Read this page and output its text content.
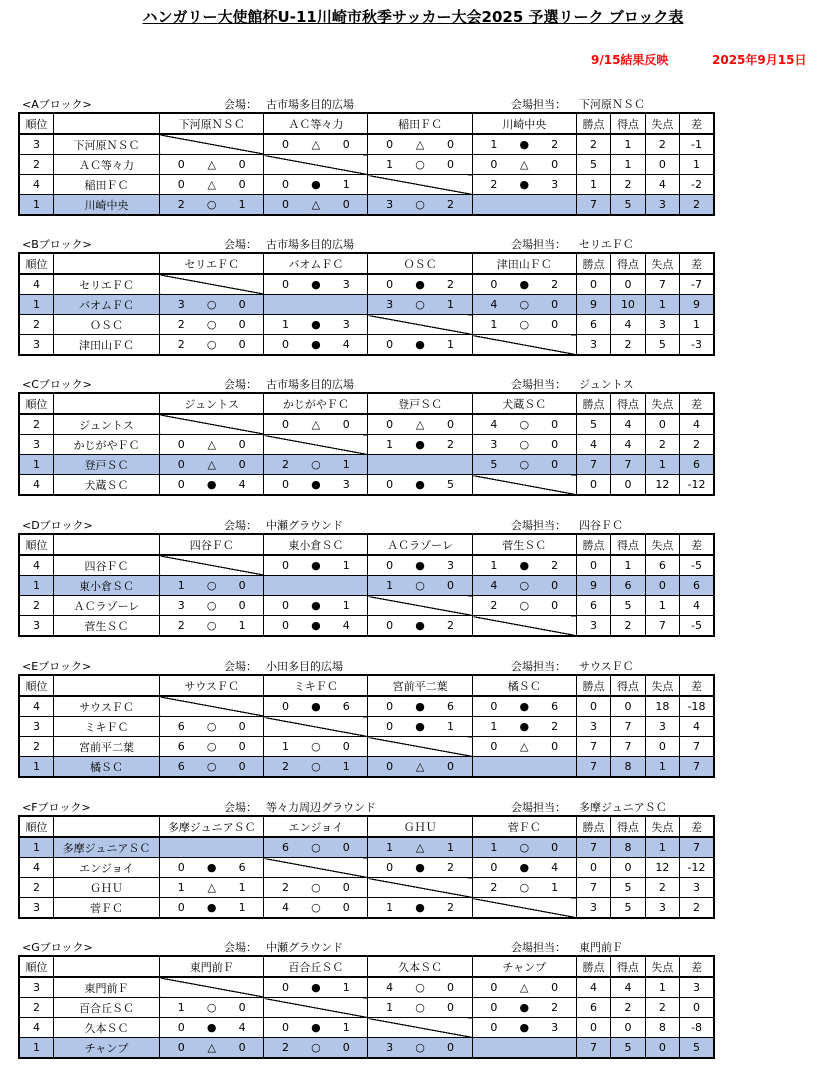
ハンガリー大使館杯U-11川崎市秋季サッカー大会2025 予選リーク ブロック表
9/15結果反映	2025年9月15日
<Aブロック>	会場： 古市場多目的広場	会場担当： 下河原ＮＳＣ
順位		下河原ＮＳＣ	ＡＣ等々力	稲田ＦＣ	川崎中央	勝点	得点	失点	差
3	下河原ＮＳＣ		0 △ 0	0 △ 0	1 ● 2	2	1	2	-1
2	ＡＣ等々力	0 △ 0		1 ○ 0	0 △ 0	5	1	0	1
4	稲田ＦＣ	0 △ 0	0 ● 1		2 ● 3	1	2	4	-2
1	川崎中央	2 ○ 1	0 △ 0	3 ○ 2		7	5	3	2
<Bブロック>	会場： 古市場多目的広場	会場担当： セリエＦＣ
順位		セリエＦＣ	バオムＦＣ	ＯＳＣ	津田山ＦＣ	勝点	得点	失点	差
4	セリエＦＣ		0 ● 3	0 ● 2	0 ● 2	0	0	7	-7
1	バオムＦＣ	3 ○ 0		3 ○ 1	4 ○ 0	9	10	1	9
2	ＯＳＣ	2 ○ 0	1 ● 3		1 ○ 0	6	4	3	1
3	津田山ＦＣ	2 ○ 0	0 ● 4	0 ● 1		3	2	5	-3
<Cブロック>	会場： 古市場多目的広場	会場担当： ジュントス
順位		ジュントス	かじがやＦＣ	登戸ＳＣ	犬蔵ＳＣ	勝点	得点	失点	差
2	ジュントス		0 △ 0	0 △ 0	4 ○ 0	5	4	0	4
3	かじがやＦＣ	0 △ 0		1 ● 2	3 ○ 0	4	4	2	2
1	登戸ＳＣ	0 △ 0	2 ○ 1		5 ○ 0	7	7	1	6
4	犬蔵ＳＣ	0 ● 4	0 ● 3	0 ● 5		0	0	12	-12
<Dブロック>	会場： 中瀬グラウンド	会場担当： 四谷ＦＣ
順位		四谷ＦＣ	東小倉ＳＣ	ＡＣラゾーレ	菅生ＳＣ	勝点	得点	失点	差
4	四谷ＦＣ		0 ● 1	0 ● 3	1 ● 2	0	1	6	-5
1	東小倉ＳＣ	1 ○ 0		1 ○ 0	4 ○ 0	9	6	0	6
2	ＡＣラゾーレ	3 ○ 0	0 ● 1		2 ○ 0	6	5	1	4
3	菅生ＳＣ	2 ○ 1	0 ● 4	0 ● 2		3	2	7	-5
<Eブロック>	会場： 小田多目的広場	会場担当： サウスＦＣ
順位		サウスＦＣ	ミキＦＣ	宮前平二葉	橘ＳＣ	勝点	得点	失点	差
4	サウスＦＣ		0 ● 6	0 ● 6	0 ● 6	0	0	18	-18
3	ミキＦＣ	6 ○ 0		0 ● 1	1 ● 2	3	7	3	4
2	宮前平二葉	6 ○ 0	1 ○ 0		0 △ 0	7	7	0	7
1	橘ＳＣ	6 ○ 0	2 ○ 1	0 △ 0		7	8	1	7
<Fブロック>	会場： 等々力周辺グラウンド	会場担当： 多摩ジュニアＳＣ
順位		多摩ジュニアＳＣ	エンジョイ	ＧＨＵ	菅ＦＣ	勝点	得点	失点	差
1	多摩ジュニアＳＣ		6 ○ 0	1 △ 1	1 ○ 0	7	8	1	7
4	エンジョイ	0 ● 6		0 ● 2	0 ● 4	0	0	12	-12
2	ＧＨＵ	1 △ 1	2 ○ 0		2 ○ 1	7	5	2	3
3	菅ＦＣ	0 ● 1	4 ○ 0	1 ● 2		3	5	3	2
<Gブロック>	会場： 中瀬グラウンド	会場担当： 東門前Ｆ
順位		東門前Ｆ	百合丘ＳＣ	久本ＳＣ	チャンプ	勝点	得点	失点	差
3	東門前Ｆ		0 ● 1	4 ○ 0	0 △ 0	4	4	1	3
2	百合丘ＳＣ	1 ○ 0		1 ○ 0	0 ● 2	6	2	2	0
4	久本ＳＣ	0 ● 4	0 ● 1		0 ● 3	0	0	8	-8
1	チャンプ	0 △ 0	2 ○ 0	3 ○ 0		7	5	0	5
